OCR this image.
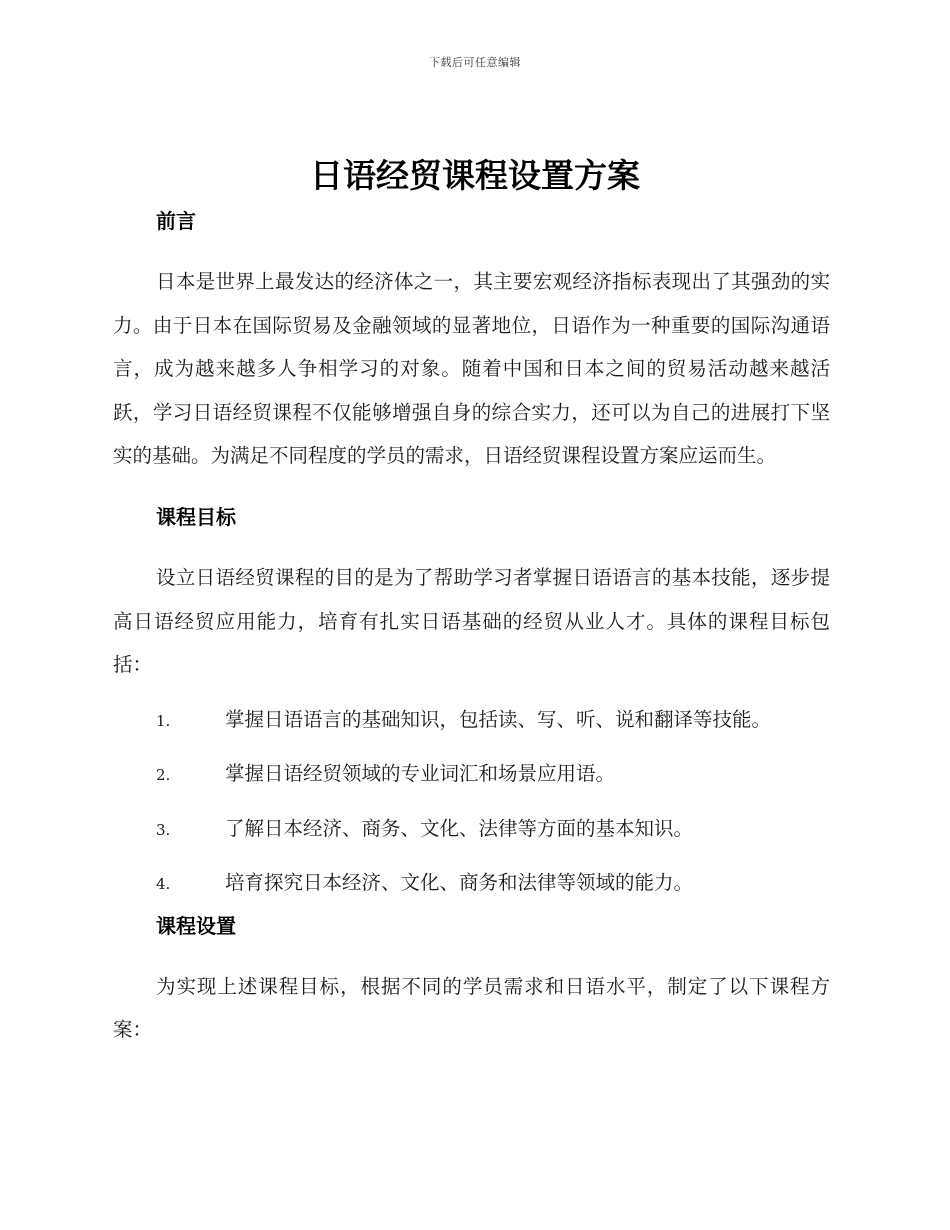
下载后可任意编辑
日语经贸课程设置方案
前言

日本是世界上最发达的经济体之一，其主要宏观经济指标表现出了其强劲的实力。由于日本在国际贸易及金融领域的显著地位，日语作为一种重要的国际沟通语言，成为越来越多人争相学习的对象。随着中国和日本之间的贸易活动越来越活跃，学习日语经贸课程不仅能够增强自身的综合实力，还可以为自己的进展打下坚实的基础。为满足不同程度的学员的需求，日语经贸课程设置方案应运而生。

课程目标

设立日语经贸课程的目的是为了帮助学习者掌握日语语言的基本技能，逐步提高日语经贸应用能力，培育有扎实日语基础的经贸从业人才。具体的课程目标包括：

1.	掌握日语语言的基础知识，包括读、写、听、说和翻译等技能。
2.	掌握日语经贸领域的专业词汇和场景应用语。
3.	了解日本经济、商务、文化、法律等方面的基本知识。
4.	培育探究日本经济、文化、商务和法律等领域的能力。
课程设置

为实现上述课程目标，根据不同的学员需求和日语水平，制定了以下课程方案：
